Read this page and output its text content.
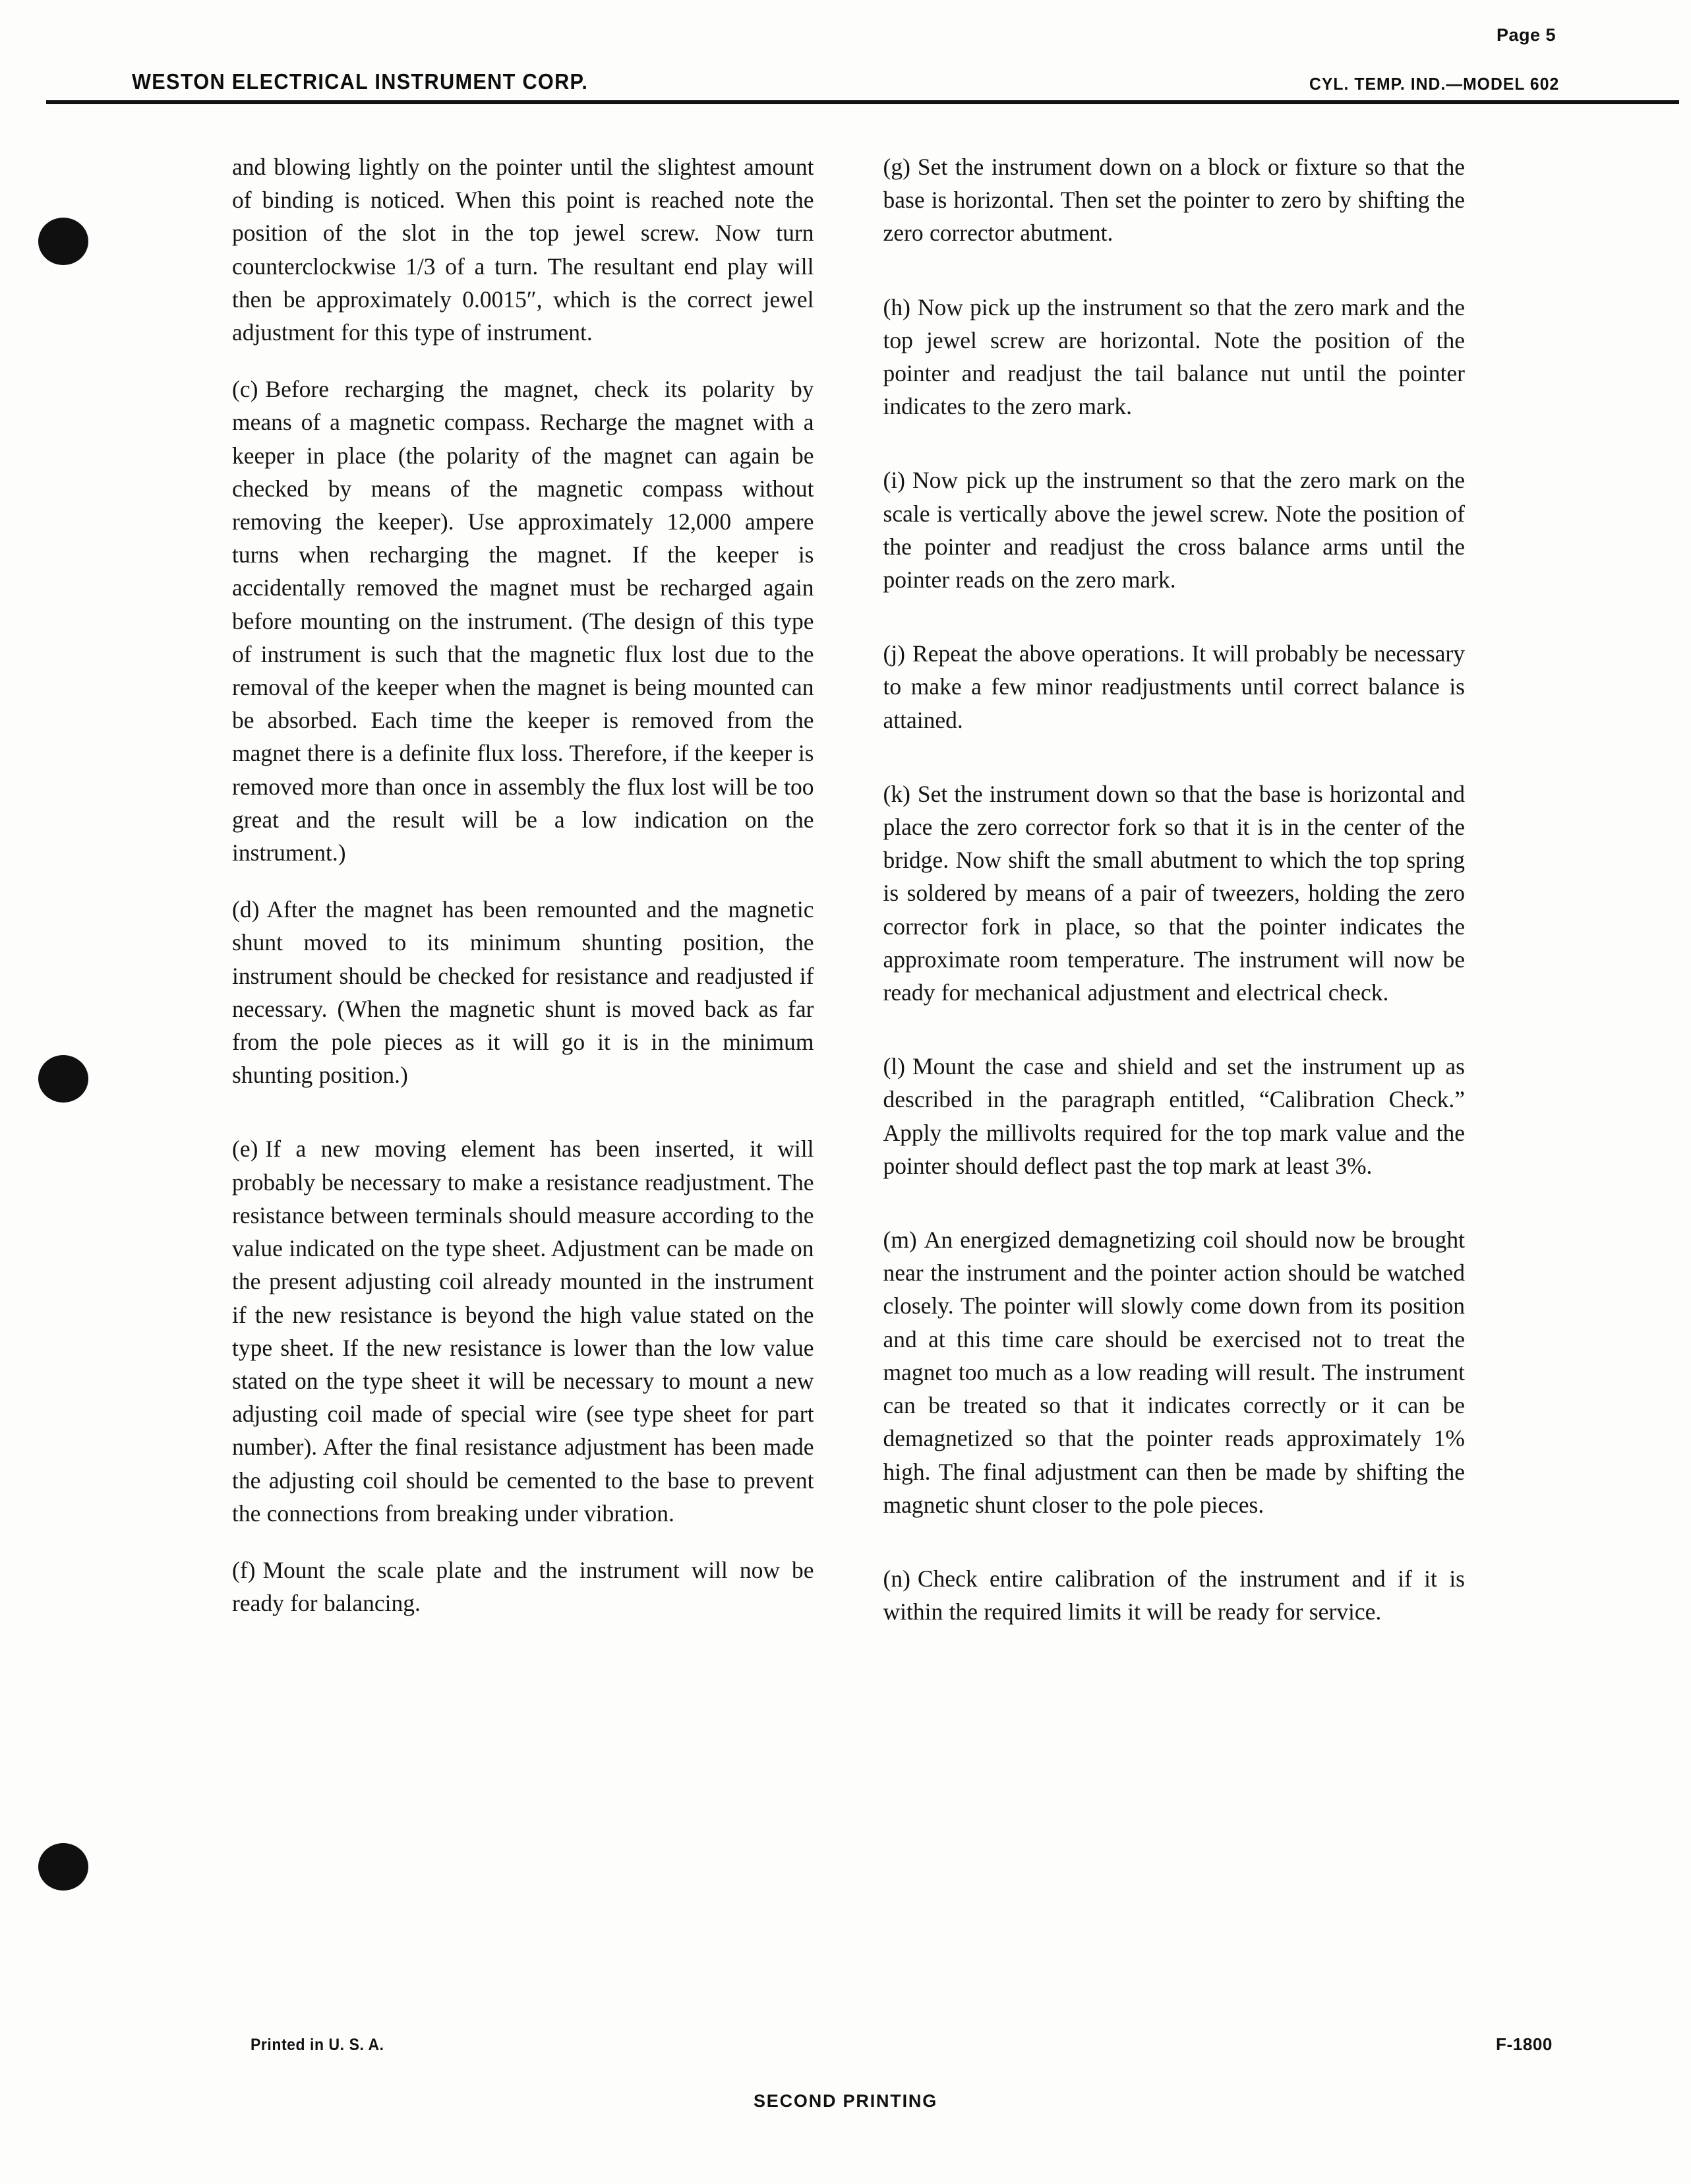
Page 5
WESTON ELECTRICAL INSTRUMENT CORP.	CYL. TEMP. IND.—MODEL 602

and blowing lightly on the pointer until the slightest amount of binding is noticed. When this point is reached note the position of the slot in the top jewel screw. Now turn counterclockwise 1/3 of a turn. The resultant end play will then be approximately 0.0015″, which is the correct jewel adjustment for this type of instrument.

(c) Before recharging the magnet, check its polarity by means of a magnetic compass. Recharge the magnet with a keeper in place (the polarity of the magnet can again be checked by means of the magnetic compass without removing the keeper). Use approximately 12,000 ampere turns when recharging the magnet. If the keeper is accidentally removed the magnet must be recharged again before mounting on the instrument. (The design of this type of instrument is such that the magnetic flux lost due to the removal of the keeper when the magnet is being mounted can be absorbed. Each time the keeper is removed from the magnet there is a definite flux loss. Therefore, if the keeper is removed more than once in assembly the flux lost will be too great and the result will be a low indication on the instrument.)

(d) After the magnet has been remounted and the magnetic shunt moved to its minimum shunting position, the instrument should be checked for resistance and readjusted if necessary. (When the magnetic shunt is moved back as far from the pole pieces as it will go it is in the minimum shunting position.)

(e) If a new moving element has been inserted, it will probably be necessary to make a resistance readjustment. The resistance between terminals should measure according to the value indicated on the type sheet. Adjustment can be made on the present adjusting coil already mounted in the instrument if the new resistance is beyond the high value stated on the type sheet. If the new resistance is lower than the low value stated on the type sheet it will be necessary to mount a new adjusting coil made of special wire (see type sheet for part number). After the final resistance adjustment has been made the adjusting coil should be cemented to the base to prevent the connections from breaking under vibration.

(f) Mount the scale plate and the instrument will now be ready for balancing.

(g) Set the instrument down on a block or fixture so that the base is horizontal. Then set the pointer to zero by shifting the zero corrector abutment.

(h) Now pick up the instrument so that the zero mark and the top jewel screw are horizontal. Note the position of the pointer and readjust the tail balance nut until the pointer indicates to the zero mark.

(i) Now pick up the instrument so that the zero mark on the scale is vertically above the jewel screw. Note the position of the pointer and readjust the cross balance arms until the pointer reads on the zero mark.

(j) Repeat the above operations. It will probably be necessary to make a few minor readjustments until correct balance is attained.

(k) Set the instrument down so that the base is horizontal and place the zero corrector fork so that it is in the center of the bridge. Now shift the small abutment to which the top spring is soldered by means of a pair of tweezers, holding the zero corrector fork in place, so that the pointer indicates the approximate room temperature. The instrument will now be ready for mechanical adjustment and electrical check.

(l) Mount the case and shield and set the instrument up as described in the paragraph entitled, “Calibration Check.” Apply the millivolts required for the top mark value and the pointer should deflect past the top mark at least 3%.

(m) An energized demagnetizing coil should now be brought near the instrument and the pointer action should be watched closely. The pointer will slowly come down from its position and at this time care should be exercised not to treat the magnet too much as a low reading will result. The instrument can be treated so that it indicates correctly or it can be demagnetized so that the pointer reads approximately 1% high. The final adjustment can then be made by shifting the magnetic shunt closer to the pole pieces.

(n) Check entire calibration of the instrument and if it is within the required limits it will be ready for service.

Printed in U. S. A.	F-1800
SECOND PRINTING
